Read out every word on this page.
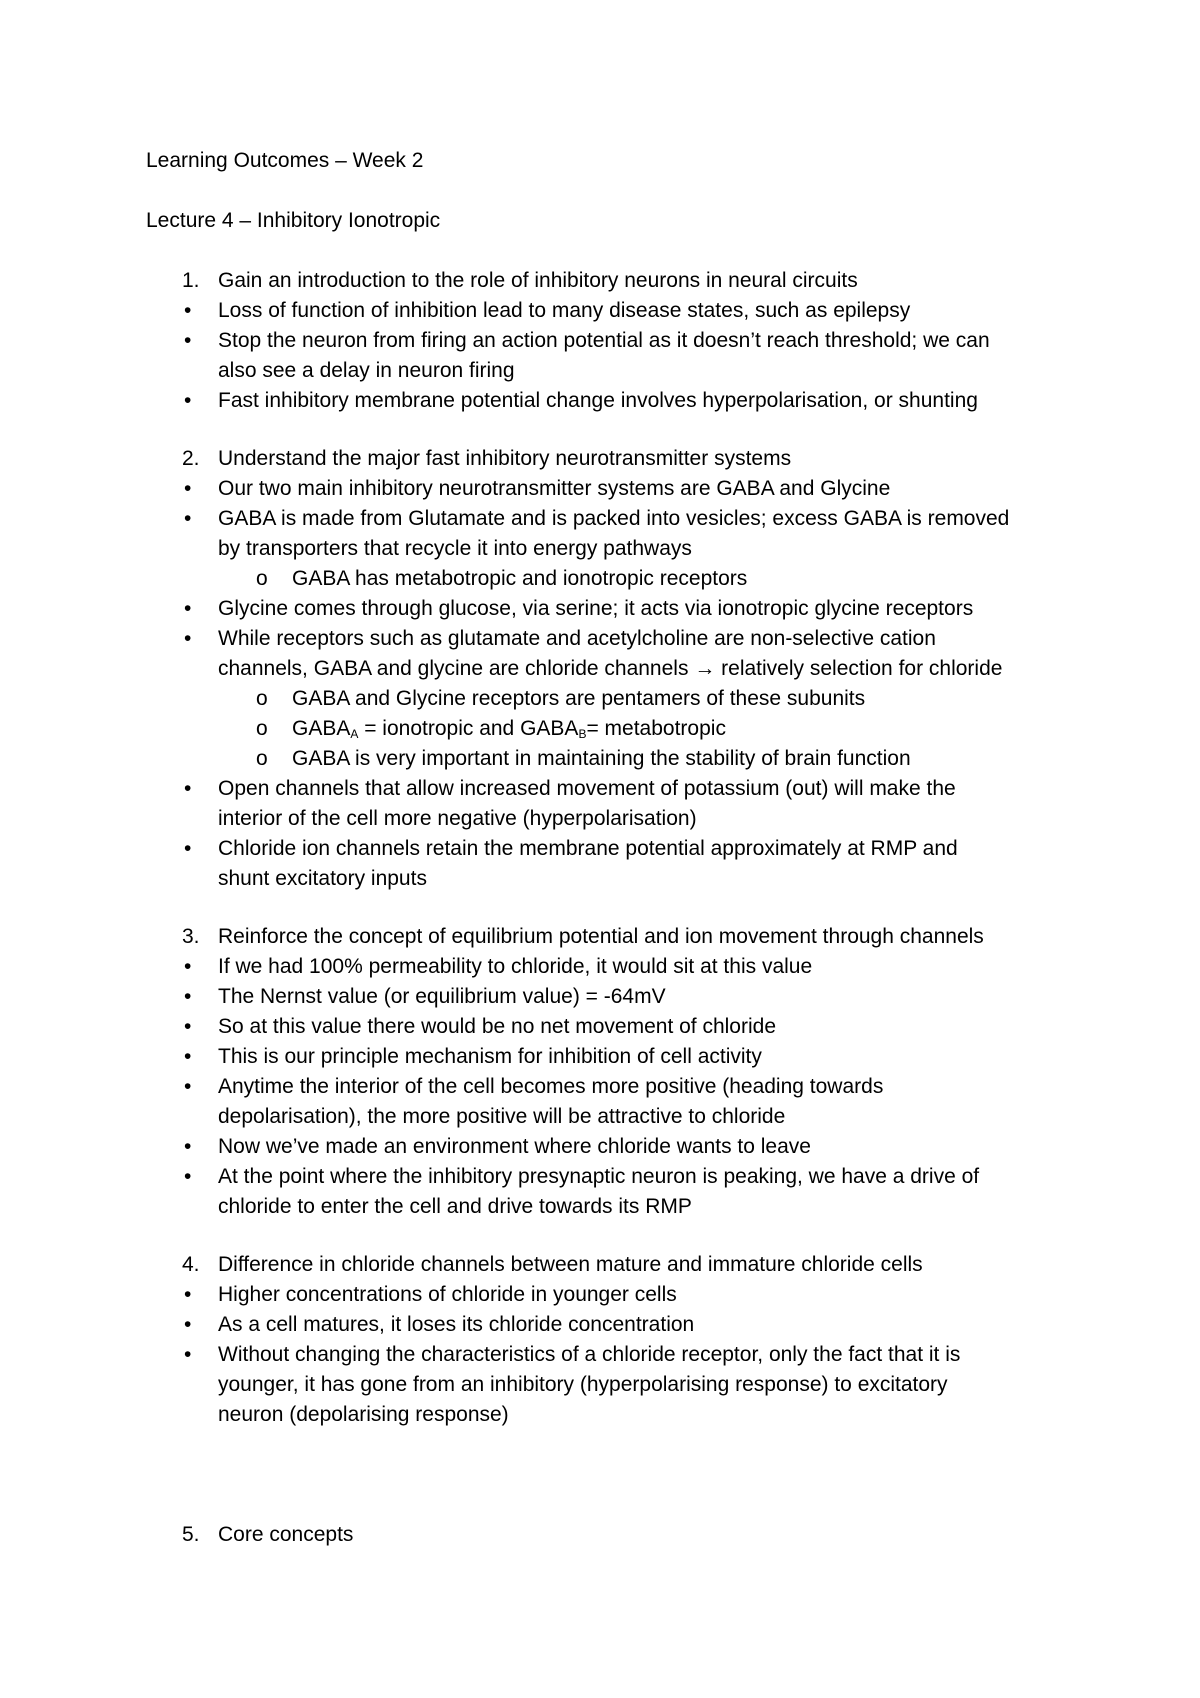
Learning Outcomes – Week 2
Lecture 4 – Inhibitory Ionotropic
1. Gain an introduction to the role of inhibitory neurons in neural circuits
• Loss of function of inhibition lead to many disease states, such as epilepsy
• Stop the neuron from firing an action potential as it doesn’t reach threshold; we can
also see a delay in neuron firing
• Fast inhibitory membrane potential change involves hyperpolarisation, or shunting
2. Understand the major fast inhibitory neurotransmitter systems
• Our two main inhibitory neurotransmitter systems are GABA and Glycine
• GABA is made from Glutamate and is packed into vesicles; excess GABA is removed
by transporters that recycle it into energy pathways
o GABA has metabotropic and ionotropic receptors
• Glycine comes through glucose, via serine; it acts via ionotropic glycine receptors
• While receptors such as glutamate and acetylcholine are non-selective cation
channels, GABA and glycine are chloride channels → relatively selection for chloride
o GABA and Glycine receptors are pentamers of these subunits
o $GABA_A$ = ionotropic and $GABA_B=$ metabotropic
o GABA is very important in maintaining the stability of brain function
• Open channels that allow increased movement of potassium (out) will make the
interior of the cell more negative (hyperpolarisation)
• Chloride ion channels retain the membrane potential approximately at RMP and
shunt excitatory inputs
3. Reinforce the concept of equilibrium potential and ion movement through channels
• If we had 100% permeability to chloride, it would sit at this value
• The Nernst value (or equilibrium value) = -64mV
• So at this value there would be no net movement of chloride
• This is our principle mechanism for inhibition of cell activity
• Anytime the interior of the cell becomes more positive (heading towards
depolarisation), the more positive will be attractive to chloride
• Now we’ve made an environment where chloride wants to leave
• At the point where the inhibitory presynaptic neuron is peaking, we have a drive of
chloride to enter the cell and drive towards its RMP
4. Difference in chloride channels between mature and immature chloride cells
• Higher concentrations of chloride in younger cells
• As a cell matures, it loses its chloride concentration
• Without changing the characteristics of a chloride receptor, only the fact that it is
younger, it has gone from an inhibitory (hyperpolarising response) to excitatory
neuron (depolarising response)
5. Core concepts
